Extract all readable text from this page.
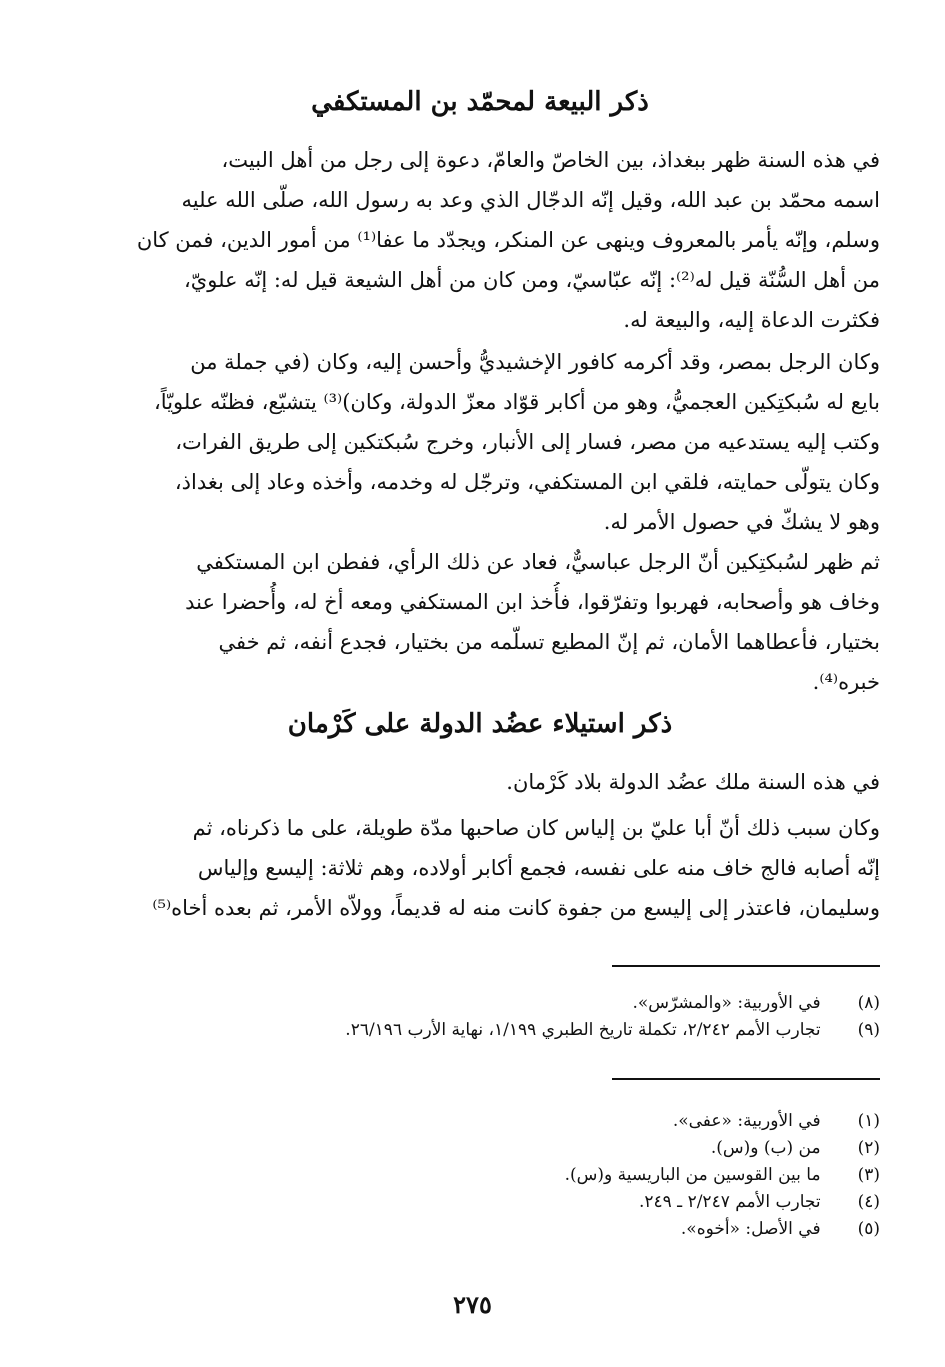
ذكر البيعة لمحمّد بن المستكفي
في هذه السنة ظهر ببغداذ، بين الخاصّ والعامّ، دعوة إلى رجل من أهل البيت،
اسمه محمّد بن عبد الله، وقيل إنّه الدجّال الذي وعد به رسول الله، صلّى الله عليه
وسلم، وإنّه يأمر بالمعروف وينهى عن المنكر، ويجدّد ما عفا⁽¹⁾ من أمور الدين، فمن كان
من أهل السُّنّة قيل له⁽²⁾: إنّه عبّاسيّ، ومن كان من أهل الشيعة قيل له: إنّه علويّ،
فكثرت الدعاة إليه، والبيعة له.
وكان الرجل بمصر، وقد أكرمه كافور الإخشيديُّ وأحسن إليه، وكان (في جملة من
بايع له سُبكتِكين العجميُّ، وهو من أكابر قوّاد معزّ الدولة، وكان)⁽³⁾ يتشيّع، فظنّه علويّاً،
وكتب إليه يستدعيه من مصر، فسار إلى الأنبار، وخرج سُبكتكين إلى طريق الفرات،
وكان يتولّى حمايته، فلقي ابن المستكفي، وترجّل له وخدمه، وأخذه وعاد إلى بغداذ،
وهو لا يشكّ في حصول الأمر له.
ثم ظهر لسُبكتِكين أنّ الرجل عباسيٌّ، فعاد عن ذلك الرأي، ففطن ابن المستكفي
وخاف هو وأصحابه، فهربوا وتفرّقوا، فأُخذ ابن المستكفي ومعه أخ له، وأُحضرا عند
بختيار، فأعطاهما الأمان، ثم إنّ المطيع تسلّمه من بختيار، فجدع أنفه، ثم خفي
خبره⁽⁴⁾.
ذكر استيلاء عضُد الدولة على كَرْمان
في هذه السنة ملك عضُد الدولة بلاد كَرْمان.
وكان سبب ذلك أنّ أبا عليّ بن إلياس كان صاحبها مدّة طويلة، على ما ذكرناه، ثم
إنّه أصابه فالج خاف منه على نفسه، فجمع أكابر أولاده، وهم ثلاثة: إليسع وإلياس
وسليمان، فاعتذر إلى إليسع من جفوة كانت منه له قديماً، وولاّه الأمر، ثم بعده أخاه⁽⁵⁾
(٨) في الأوربية: «والمشرّس».
(٩) تجارب الأمم ٢/٢٤٢، تكملة تاريخ الطبري ١/١٩٩، نهاية الأرب ٢٦/١٩٦.
(١) في الأوربية: «عفى».
(٢) من (ب) و(س).
(٣) ما بين القوسين من الباريسية و(س).
(٤) تجارب الأمم ٢/٢٤٧ ـ ٢٤٩.
(٥) في الأصل: «أخوه».
٢٧٥
